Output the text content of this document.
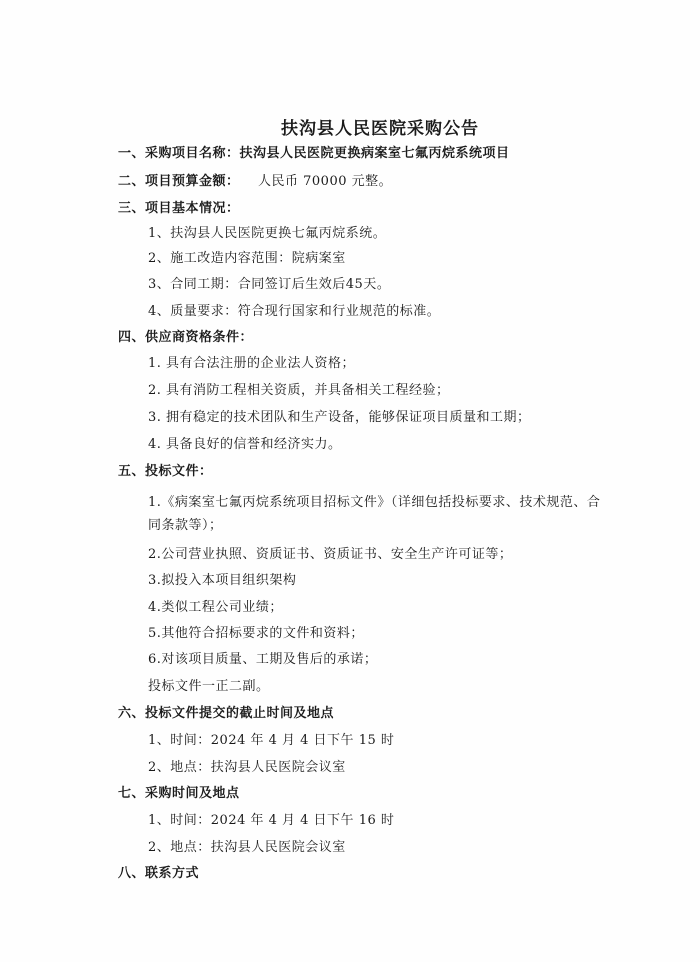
扶沟县人民医院采购公告
一、采购项目名称：扶沟县人民医院更换病案室七氟丙烷系统项目
二、项目预算金额： 人民币 70000 元整。
三、项目基本情况：
1、扶沟县人民医院更换七氟丙烷系统。
2、施工改造内容范围：院病案室
3、合同工期：合同签订后生效后45天。
4、质量要求：符合现行国家和行业规范的标准。
四、供应商资格条件：
1. 具有合法注册的企业法人资格；
2. 具有消防工程相关资质，并具备相关工程经验；
3. 拥有稳定的技术团队和生产设备，能够保证项目质量和工期；
4. 具备良好的信誉和经济实力。
五、投标文件：
1.《病案室七氟丙烷系统项目招标文件》（详细包括投标要求、技术规范、合同条款等）；
2.公司营业执照、资质证书、资质证书、安全生产许可证等；
3.拟投入本项目组织架构
4.类似工程公司业绩；
5.其他符合招标要求的文件和资料；
6.对该项目质量、工期及售后的承诺；
投标文件一正二副。
六、投标文件提交的截止时间及地点
1、时间：2024 年 4 月 4 日下午 15 时
2、地点：扶沟县人民医院会议室
七、采购时间及地点
1、时间：2024 年 4 月 4 日下午 16 时
2、地点：扶沟县人民医院会议室
八、联系方式
